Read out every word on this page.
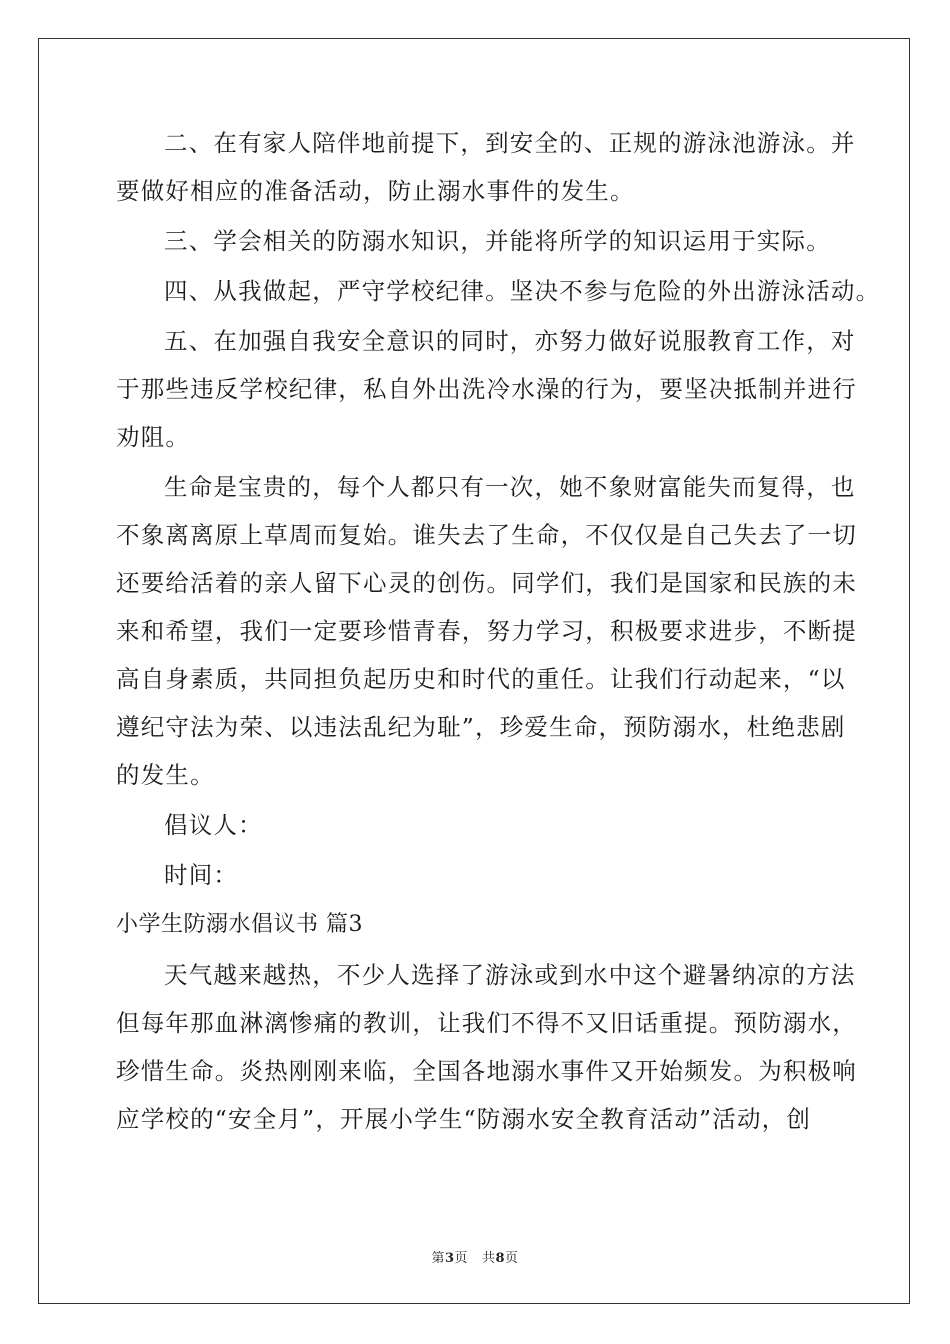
二、在有家人陪伴地前提下，到安全的、正规的游泳池游泳。并

要做好相应的准备活动，防止溺水事件的发生。

三、学会相关的防溺水知识，并能将所学的知识运用于实际。

四、从我做起，严守学校纪律。坚决不参与危险的外出游泳活动。

五、在加强自我安全意识的同时，亦努力做好说服教育工作，对

于那些违反学校纪律，私自外出洗冷水澡的行为，要坚决抵制并进行

劝阻。

生命是宝贵的，每个人都只有一次，她不象财富能失而复得，也

不象离离原上草周而复始。谁失去了生命，不仅仅是自己失去了一切

还要给活着的亲人留下心灵的创伤。同学们，我们是国家和民族的未

来和希望，我们一定要珍惜青春，努力学习，积极要求进步，不断提

高自身素质，共同担负起历史和时代的重任。让我们行动起来，“以

遵纪守法为荣、以违法乱纪为耻”，珍爱生命，预防溺水，杜绝悲剧

的发生。

倡议人：

时间：

小学生防溺水倡议书 篇3

天气越来越热，不少人选择了游泳或到水中这个避暑纳凉的方法

但每年那血淋漓惨痛的教训，让我们不得不又旧话重提。预防溺水，

珍惜生命。炎热刚刚来临，全国各地溺水事件又开始频发。为积极响

应学校的“安全月”，开展小学生“防溺水安全教育活动”活动，创

第3页 共8页
